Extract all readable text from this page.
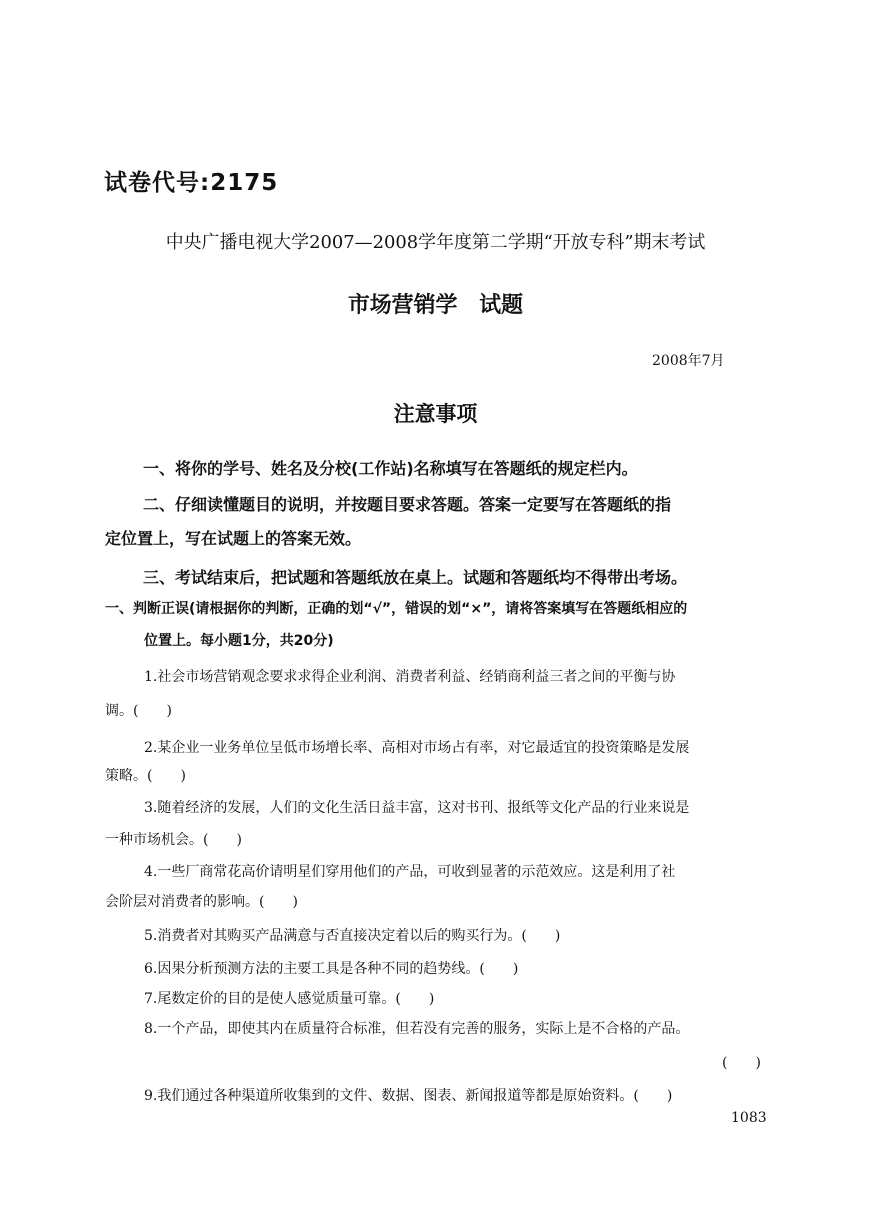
试卷代号:2175
中央广播电视大学2007—2008学年度第二学期“开放专科”期末考试
市场营销学　试题
2008年7月
注意事项
一、将你的学号、姓名及分校(工作站)名称填写在答题纸的规定栏内。
二、仔细读懂题目的说明，并按题目要求答题。答案一定要写在答题纸的指
定位置上，写在试题上的答案无效。
三、考试结束后，把试题和答题纸放在桌上。试题和答题纸均不得带出考场。
一、判断正误(请根据你的判断，正确的划“√”，错误的划“×”，请将答案填写在答题纸相应的
位置上。每小题1分，共20分)
1.社会市场营销观念要求求得企业利润、消费者利益、经销商利益三者之间的平衡与协
调。(　　)
2.某企业一业务单位呈低市场增长率、高相对市场占有率，对它最适宜的投资策略是发展
策略。(　　)
3.随着经济的发展，人们的文化生活日益丰富，这对书刊、报纸等文化产品的行业来说是
一种市场机会。(　　)
4.一些厂商常花高价请明星们穿用他们的产品，可收到显著的示范效应。这是利用了社
会阶层对消费者的影响。(　　)
5.消费者对其购买产品满意与否直接决定着以后的购买行为。(　　)
6.因果分析预测方法的主要工具是各种不同的趋势线。(　　)
7.尾数定价的目的是使人感觉质量可靠。(　　)
8.一个产品，即使其内在质量符合标准，但若没有完善的服务，实际上是不合格的产品。
(　　)
9.我们通过各种渠道所收集到的文件、数据、图表、新闻报道等都是原始资料。(　　)
1083
